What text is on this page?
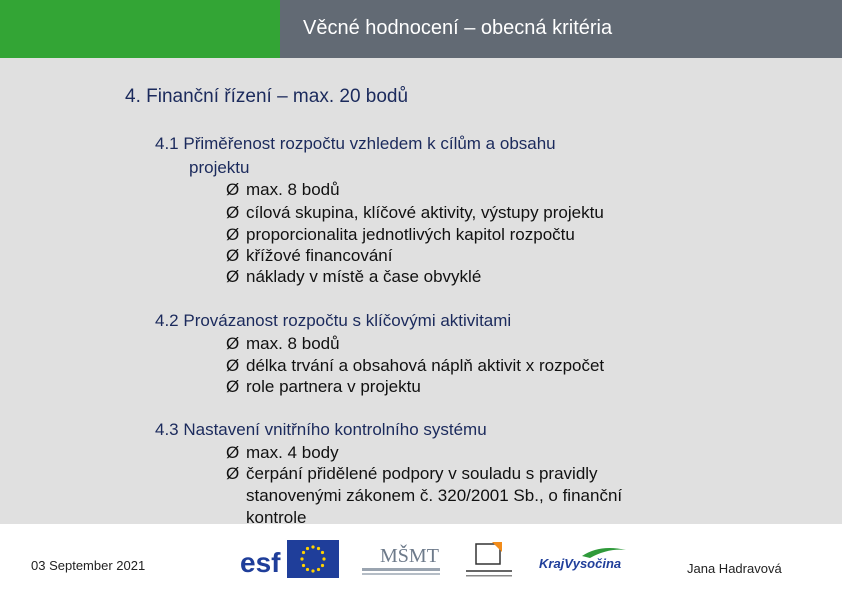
Věcné hodnocení – obecná kritéria
4. Finanční řízení – max. 20 bodů
4.1 Přiměřenost rozpočtu vzhledem k cílům a obsahu
projektu
Ø max. 8 bodů
Ø cílová skupina, klíčové aktivity, výstupy projektu
Ø proporcionalita jednotlivých kapitol rozpočtu
Ø křížové financování
Ø náklady v místě a čase obvyklé
4.2 Provázanost rozpočtu s klíčovými aktivitami
Ø max. 8 bodů
Ø délka trvání a obsahová náplň aktivit x rozpočet
Ø role partnera v projektu
4.3 Nastavení vnitřního kontrolního systému
Ø max. 4 body
Ø čerpání přidělené podpory v souladu s pravidly
stanovenými zákonem č. 320/2001 Sb., o finanční
kontrole
03 September 2021	esf	MŠMT	KrajVysočina	Jana Hadravová
